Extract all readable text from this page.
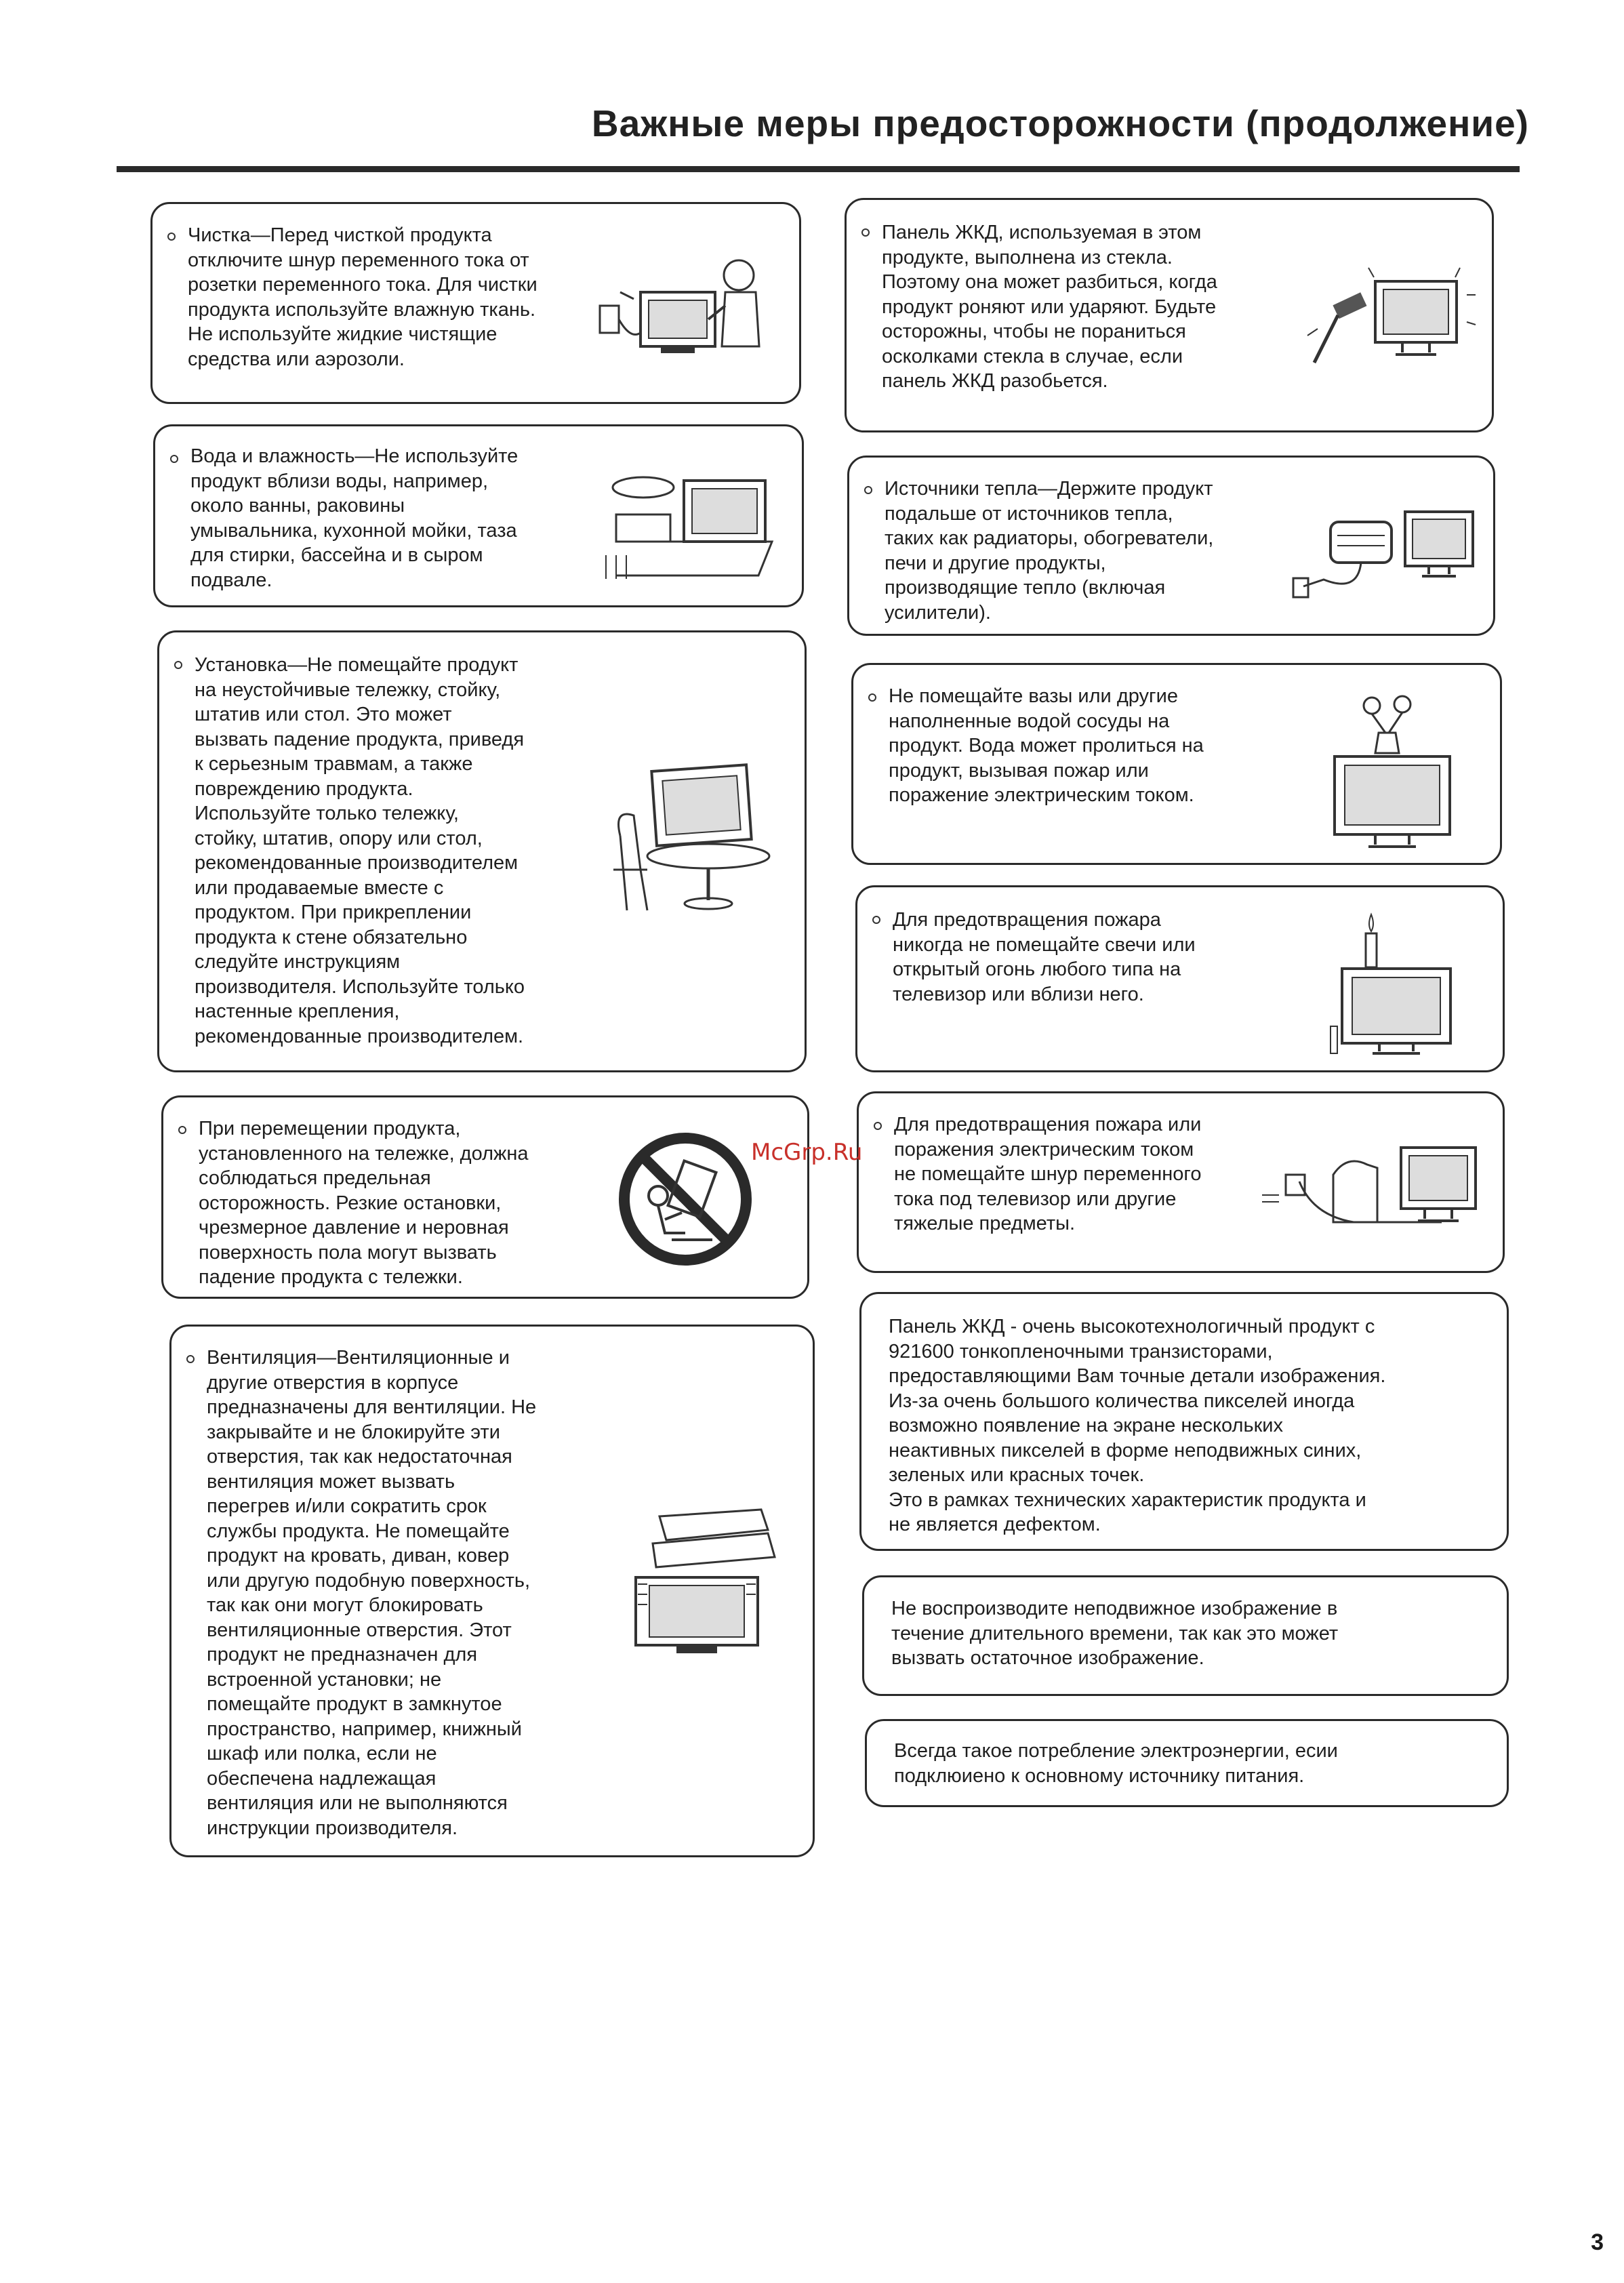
Важные меры предосторожности (продолжение)
Чистка—Перед чисткой продукта
отключите шнур переменного тока от
розетки переменного тока. Для чистки
продукта используйте влажную ткань.
Не используйте жидкие чистящие
средства или аэрозоли.
Вода и влажность—Не используйте
продукт вблизи воды, например,
около ванны, раковины
умывальника, кухонной мойки, таза
для стирки, бассейна и в сыром
подвале.
Установка—Не помещайте продукт
на неустойчивые тележку, стойку,
штатив или стол. Это может
вызвать падение продукта, приведя
к серьезным травмам, а также
повреждению продукта.
Используйте только тележку,
стойку, штатив, опору или стол,
рекомендованные производителем
или продаваемые вместе с
продуктом. При прикреплении
продукта к стене обязательно
следуйте инструкциям
производителя. Используйте только
настенные крепления,
рекомендованные производителем.
При перемещении продукта,
установленного на тележке, должна
соблюдаться предельная
осторожность. Резкие остановки,
чрезмерное давление и неровная
поверхность пола могут вызвать
падение продукта с тележки.
Вентиляция—Вентиляционные и
другие отверстия в корпусе
предназначены для вентиляции. Не
закрывайте и не блокируйте эти
отверстия, так как недостаточная
вентиляция может вызвать
перегрев и/или сократить срок
службы продукта. Не помещайте
продукт на кровать, диван, ковер
или другую подобную поверхность,
так как они могут блокировать
вентиляционные отверстия. Этот
продукт не предназначен для
встроенной установки; не
помещайте продукт в замкнутое
пространство, например, книжный
шкаф или полка, если не
обеспечена надлежащая
вентиляция или не выполняются
инструкции производителя.
Панель ЖКД, используемая в этом
продукте, выполнена из стекла.
Поэтому она может разбиться, когда
продукт роняют или ударяют. Будьте
осторожны, чтобы не пораниться
осколками стекла в случае, если
панель ЖКД разобьется.
Источники тепла—Держите продукт
подальше от источников тепла,
таких как радиаторы, обогреватели,
печи и другие продукты,
производящие тепло (включая
усилители).
Не помещайте вазы или другие
наполненные водой сосуды на
продукт. Вода может пролиться на
продукт, вызывая пожар или
поражение электрическим током.
Для предотвращения пожара
никогда не помещайте свечи или
открытый огонь любого типа на
телевизор или вблизи него.
Для предотвращения пожара или
поражения электрическим током
не помещайте шнур переменного
тока под телевизор или другие
тяжелые предметы.
Панель ЖКД - очень высокотехнологичный продукт с
921600 тонкопленочными транзисторами,
предоставляющими Вам точные детали изображения.
Из-за очень большого количества пикселей иногда
возможно появление на экране нескольких
неактивных пикселей в форме неподвижных синих,
зеленых или красных точек.
Это в рамках технических характеристик продукта и
не является дефектом.
Не воспроизводите неподвижное изображение в
течение длительного времени, так как это может
вызвать остаточное изображение.
Всегда такое потребление электроэнергии, есии
подклюиено к основному источнику питания.
McGrp.Ru
3
